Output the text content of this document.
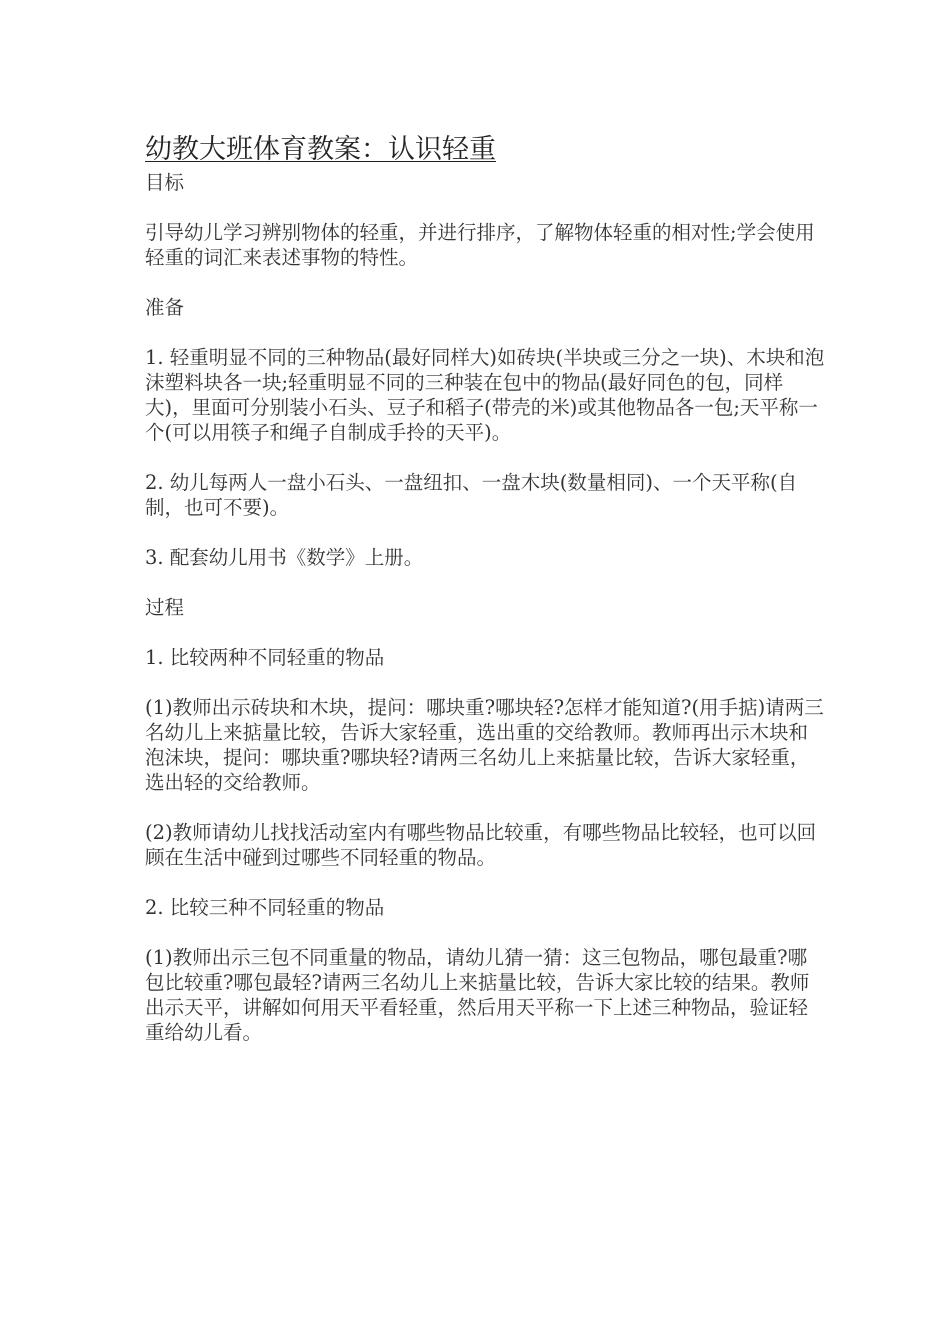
幼教大班体育教案：认识轻重

目标

引导幼儿学习辨别物体的轻重，并进行排序，了解物体轻重的相对性;学会使用轻重的词汇来表述事物的特性。

准备

1. 轻重明显不同的三种物品(最好同样大)如砖块(半块或三分之一块)、木块和泡沫塑料块各一块;轻重明显不同的三种装在包中的物品(最好同色的包，同样大)，里面可分别装小石头、豆子和稻子(带壳的米)或其他物品各一包;天平称一个(可以用筷子和绳子自制成手拎的天平)。

2. 幼儿每两人一盘小石头、一盘纽扣、一盘木块(数量相同)、一个天平称(自制，也可不要)。

3. 配套幼儿用书《数学》上册。

过程

1. 比较两种不同轻重的物品

(1)教师出示砖块和木块，提问：哪块重?哪块轻?怎样才能知道?(用手掂)请两三名幼儿上来掂量比较，告诉大家轻重，选出重的交给教师。教师再出示木块和泡沫块，提问：哪块重?哪块轻?请两三名幼儿上来掂量比较，告诉大家轻重，选出轻的交给教师。

(2)教师请幼儿找找活动室内有哪些物品比较重，有哪些物品比较轻，也可以回顾在生活中碰到过哪些不同轻重的物品。

2. 比较三种不同轻重的物品

(1)教师出示三包不同重量的物品，请幼儿猜一猜：这三包物品，哪包最重?哪包比较重?哪包最轻?请两三名幼儿上来掂量比较，告诉大家比较的结果。教师出示天平，讲解如何用天平看轻重，然后用天平称一下上述三种物品，验证轻重给幼儿看。
